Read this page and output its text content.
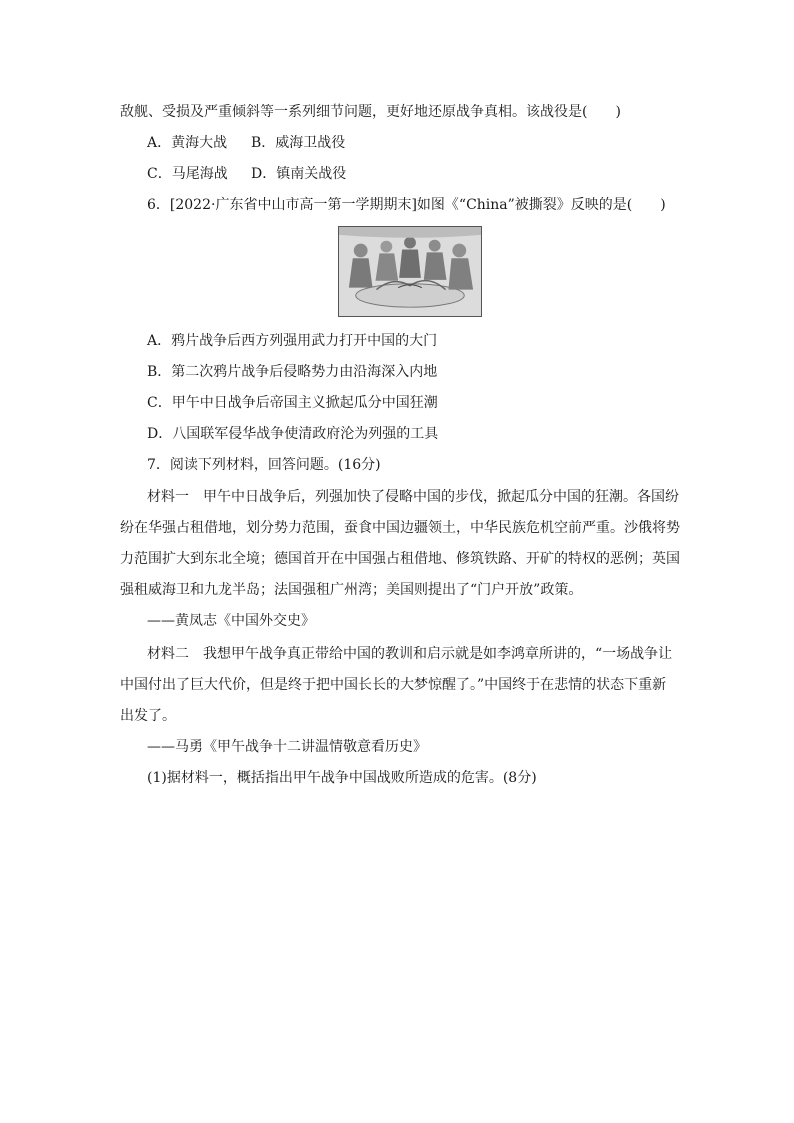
敌舰、受损及严重倾斜等一系列细节问题，更好地还原战争真相。该战役是(　　)
A．黄海大战 B．威海卫战役
C．马尾海战 D．镇南关战役
6．[2022·广东省中山市高一第一学期期末]如图《“China”被撕裂》反映的是(　　)
A．鸦片战争后西方列强用武力打开中国的大门
B．第二次鸦片战争后侵略势力由沿海深入内地
C．甲午中日战争后帝国主义掀起瓜分中国狂潮
D．八国联军侵华战争使清政府沦为列强的工具
7．阅读下列材料，回答问题。(16分)
材料一　甲午中日战争后，列强加快了侵略中国的步伐，掀起瓜分中国的狂潮。各国纷
纷在华强占租借地，划分势力范围，蚕食中国边疆领土，中华民族危机空前严重。沙俄将势
力范围扩大到东北全境；德国首开在中国强占租借地、修筑铁路、开矿的特权的恶例；英国
强租威海卫和九龙半岛；法国强租广州湾；美国则提出了“门户开放”政策。
——黄凤志《中国外交史》
材料二　我想甲午战争真正带给中国的教训和启示就是如李鸿章所讲的，“一场战争让
中国付出了巨大代价，但是终于把中国长长的大梦惊醒了。”中国终于在悲情的状态下重新
出发了。
——马勇《甲午战争十二讲温情敬意看历史》
(1)据材料一，概括指出甲午战争中国战败所造成的危害。(8分)
